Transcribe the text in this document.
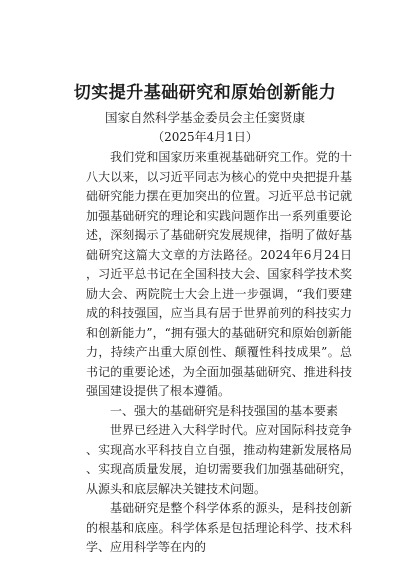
切实提升基础研究和原始创新能力
国家自然科学基金委员会主任窦贤康
（2025年4月1日）

我们党和国家历来重视基础研究工作。党的十八大以来，以习近平同志为核心的党中央把提升基础研究能力摆在更加突出的位置。习近平总书记就加强基础研究的理论和实践问题作出一系列重要论述，深刻揭示了基础研究发展规律，指明了做好基础研究这篇大文章的方法路径。2024年6月24日，习近平总书记在全国科技大会、国家科学技术奖励大会、两院院士大会上进一步强调，“我们要建成的科技强国，应当具有居于世界前列的科技实力和创新能力”，“拥有强大的基础研究和原始创新能力，持续产出重大原创性、颠覆性科技成果”。总书记的重要论述，为全面加强基础研究、推进科技强国建设提供了根本遵循。

一、强大的基础研究是科技强国的基本要素

世界已经进入大科学时代。应对国际科技竞争、实现高水平科技自立自强，推动构建新发展格局、实现高质量发展，迫切需要我们加强基础研究，从源头和底层解决关键技术问题。

基础研究是整个科学体系的源头，是科技创新的根基和底座。科学体系是包括理论科学、技术科学、应用科学等在内的
